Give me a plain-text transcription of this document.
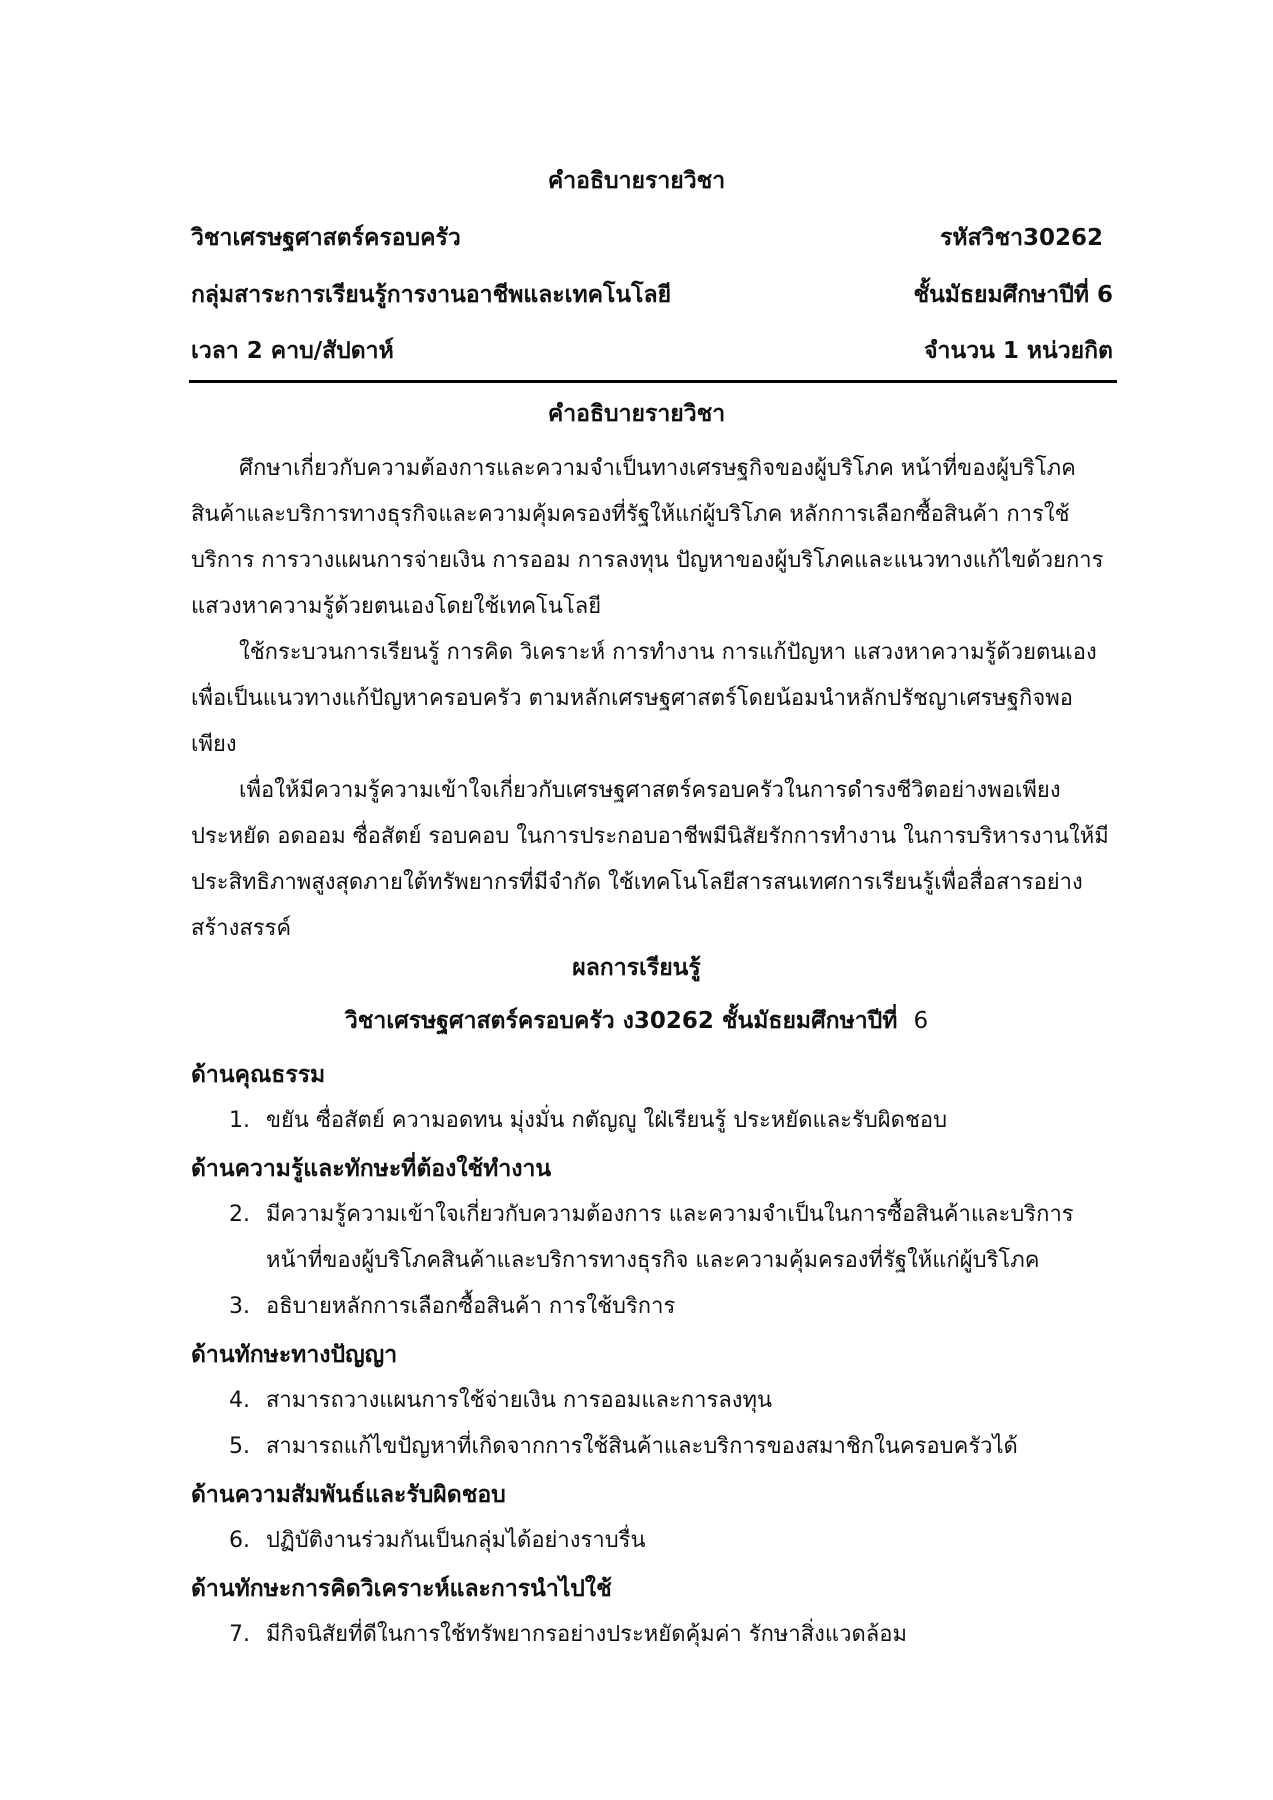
คำอธิบายรายวิชา
วิชาเศรษฐศาสตร์ครอบครัว	รหัสวิชา30262
กลุ่มสาระการเรียนรู้การงานอาชีพและเทคโนโลยี	ชั้นมัธยมศึกษาปีที่ 6
เวลา 2 คาบ/สัปดาห์	จำนวน 1 หน่วยกิต
คำอธิบายรายวิชา

ศึกษาเกี่ยวกับความต้องการและความจำเป็นทางเศรษฐกิจของผู้บริโภค หน้าที่ของผู้บริโภคสินค้าและบริการทางธุรกิจและความคุ้มครองที่รัฐให้แก่ผู้บริโภค หลักการเลือกซื้อสินค้า การใช้บริการ การวางแผนการจ่ายเงิน การออม การลงทุน ปัญหาของผู้บริโภคและแนวทางแก้ไขด้วยการแสวงหาความรู้ด้วยตนเองโดยใช้เทคโนโลยี

ใช้กระบวนการเรียนรู้ การคิด วิเคราะห์ การทำงาน การแก้ปัญหา แสวงหาความรู้ด้วยตนเองเพื่อเป็นแนวทางแก้ปัญหาครอบครัว ตามหลักเศรษฐศาสตร์โดยน้อมนำหลักปรัชญาเศรษฐกิจพอเพียง

เพื่อให้มีความรู้ความเข้าใจเกี่ยวกับเศรษฐศาสตร์ครอบครัวในการดำรงชีวิตอย่างพอเพียง ประหยัด อดออม ซื่อสัตย์ รอบคอบ ในการประกอบอาชีพมีนิสัยรักการทำงาน ในการบริหารงานให้มีประสิทธิภาพสูงสุดภายใต้ทรัพยากรที่มีจำกัด ใช้เทคโนโลยีสารสนเทศการเรียนรู้เพื่อสื่อสารอย่างสร้างสรรค์

ผลการเรียนรู้
วิชาเศรษฐศาสตร์ครอบครัว ง30262 ชั้นมัธยมศึกษาปีที่ 6
ด้านคุณธรรม
1. ขยัน ซื่อสัตย์ ความอดทน มุ่งมั่น กตัญญู ใฝ่เรียนรู้ ประหยัดและรับผิดชอบ
ด้านความรู้และทักษะที่ต้องใช้ทำงาน
2. มีความรู้ความเข้าใจเกี่ยวกับความต้องการ และความจำเป็นในการซื้อสินค้าและบริการ หน้าที่ของผู้บริโภคสินค้าและบริการทางธุรกิจ และความคุ้มครองที่รัฐให้แก่ผู้บริโภค
3. อธิบายหลักการเลือกซื้อสินค้า การใช้บริการ
ด้านทักษะทางปัญญา
4. สามารถวางแผนการใช้จ่ายเงิน การออมและการลงทุน
5. สามารถแก้ไขปัญหาที่เกิดจากการใช้สินค้าและบริการของสมาชิกในครอบครัวได้
ด้านความสัมพันธ์และรับผิดชอบ
6. ปฏิบัติงานร่วมกันเป็นกลุ่มได้อย่างราบรื่น
ด้านทักษะการคิดวิเคราะห์และการนำไปใช้
7. มีกิจนิสัยที่ดีในการใช้ทรัพยากรอย่างประหยัดคุ้มค่า รักษาสิ่งแวดล้อม
